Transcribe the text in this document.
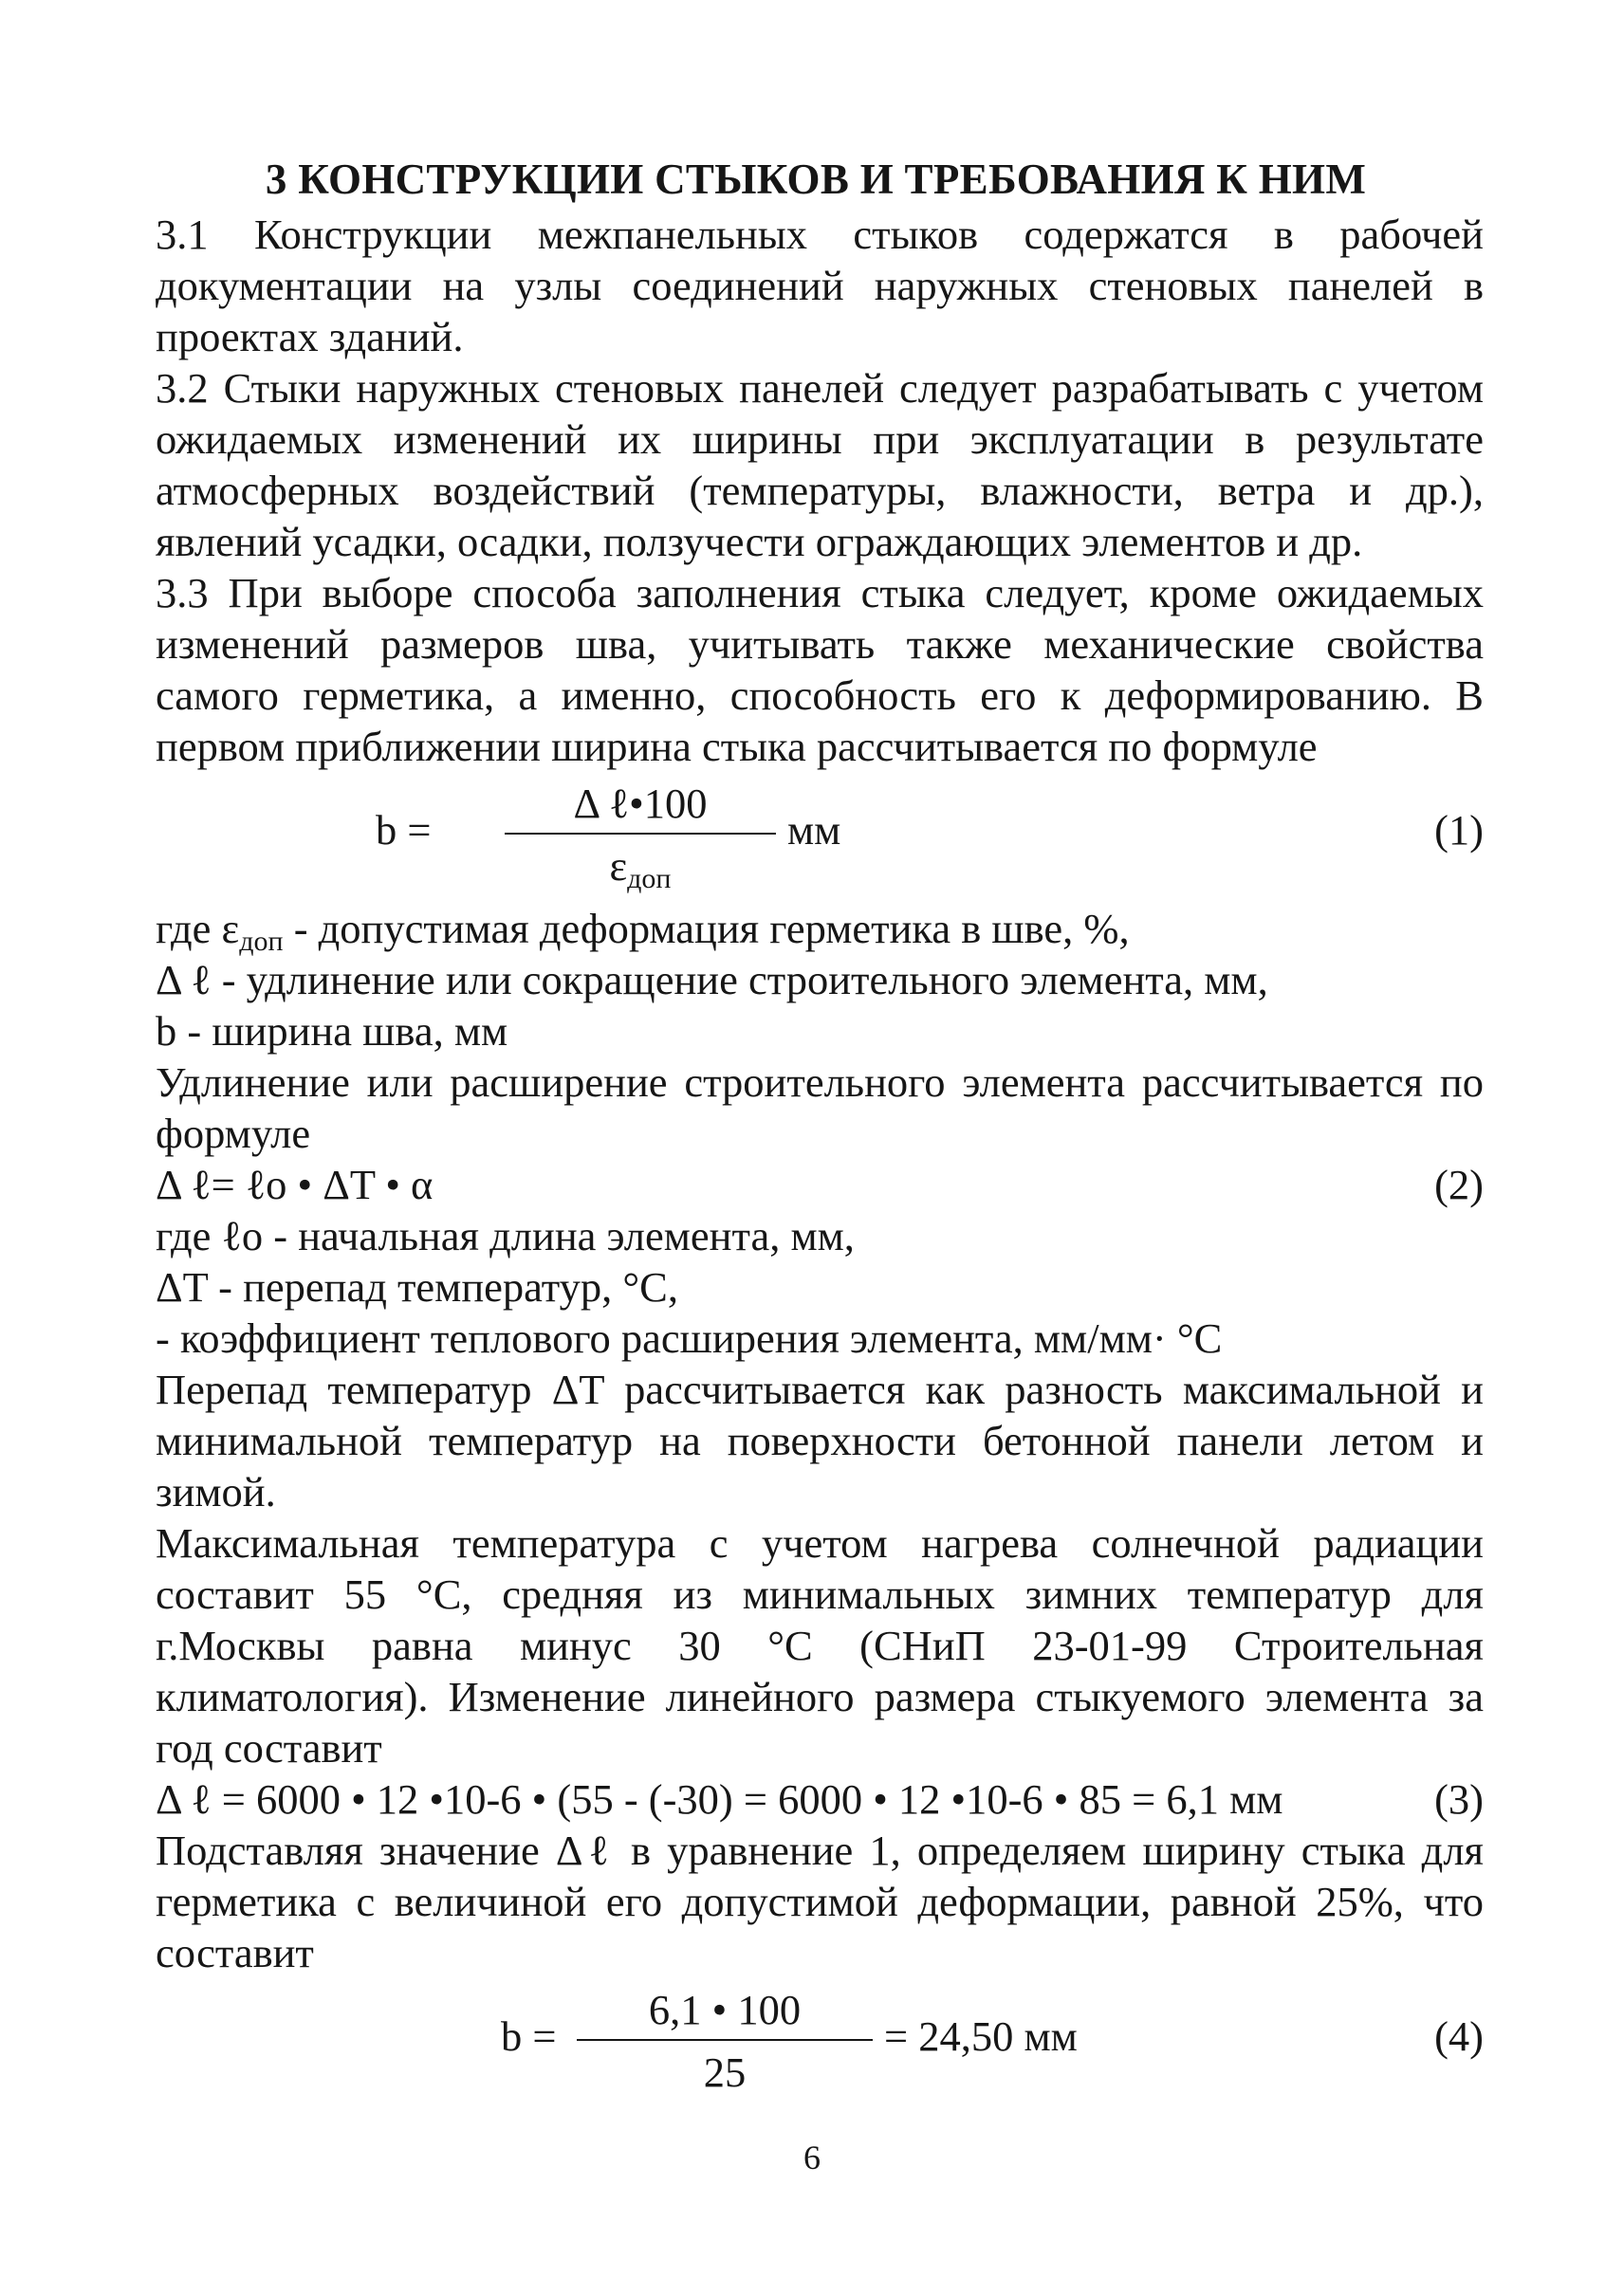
3 КОНСТРУКЦИИ СТЫКОВ И ТРЕБОВАНИЯ К НИМ

3.1 Конструкции межпанельных стыков содержатся в рабочей документации на узлы соединений наружных стеновых панелей в проектах зданий.

3.2 Стыки наружных стеновых панелей следует разрабатывать с учетом ожидаемых изменений их ширины при эксплуатации в результате атмосферных воздействий (температуры, влажности, ветра и др.), явлений усадки, осадки, ползучести ограждающих элементов и др.

3.3 При выборе способа заполнения стыка следует, кроме ожидаемых изменений размеров шва, учитывать также механические свойства самого герметика, а именно, способность его к деформированию. В первом приближении ширина стыка рассчитывается по формуле

b =
Δ ℓ•100
$\varepsilon_{доп}$
мм	(1)
где $\varepsilon_{доп}$ - допустимая деформация герметика в шве, %,
Δ ℓ - удлинение или сокращение строительного элемента, мм,
b - ширина шва, мм

Удлинение или расширение строительного элемента рассчитывается по формуле

Δ ℓ= ℓo • ΔT • α	(2)
где ℓo - начальная длина элемента, мм,
ΔT - перепад температур, °С,
- коэффициент теплового расширения элемента, мм/мм· °С

Перепад температур ΔT рассчитывается как разность максимальной и минимальной температур на поверхности бетонной панели летом и зимой.

Максимальная температура с учетом нагрева солнечной радиации составит 55 °С, средняя из минимальных зимних температур для г.Москвы равна минус 30 °С (СНиП 23-01-99 Строительная климатология). Изменение линейного размера стыкуемого элемента за год составит

Δ ℓ = 6000 • 12 •10-6 • (55 - (-30) = 6000 • 12 •10-6 • 85 = 6,1 мм	(3)

Подставляя значение Δℓ в уравнение 1, определяем ширину стыка для герметика с величиной его допустимой деформации, равной 25%, что составит

b =
6,1 • 100
25
= 24,50 мм	(4)
6
